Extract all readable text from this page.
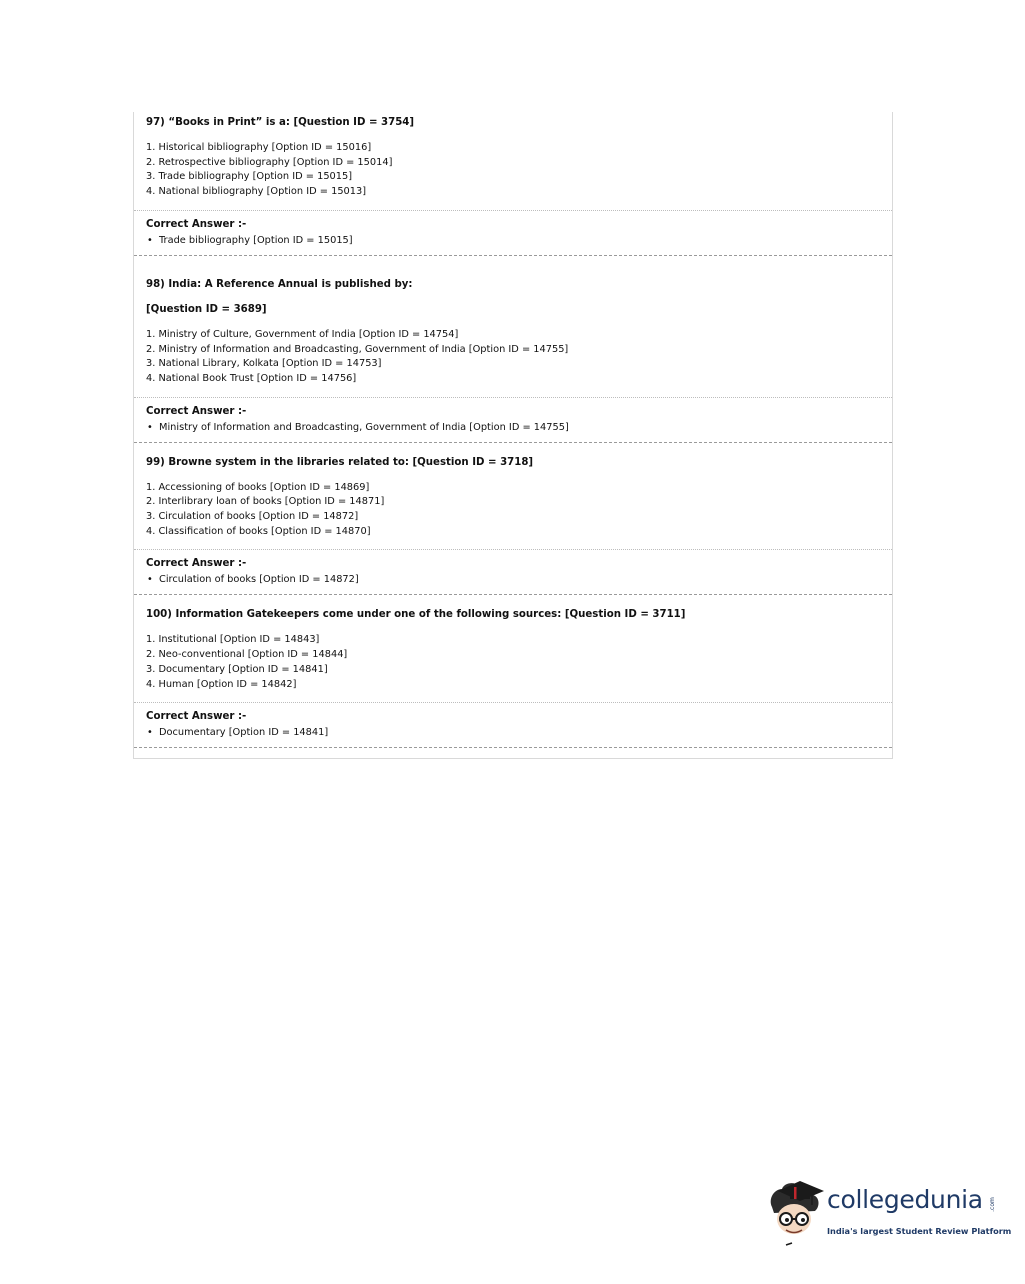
97) “Books in Print” is a: [Question ID = 3754]

1. Historical bibliography [Option ID = 15016]
2. Retrospective bibliography [Option ID = 15014]
3. Trade bibliography [Option ID = 15015]
4. National bibliography [Option ID = 15013]
Correct Answer :-
• Trade bibliography [Option ID = 15015]

98) India: A Reference Annual is published by:

[Question ID = 3689]

1. Ministry of Culture, Government of India [Option ID = 14754]
2. Ministry of Information and Broadcasting, Government of India [Option ID = 14755]
3. National Library, Kolkata [Option ID = 14753]
4. National Book Trust [Option ID = 14756]
Correct Answer :-
• Ministry of Information and Broadcasting, Government of India [Option ID = 14755]

99) Browne system in the libraries related to: [Question ID = 3718]

1. Accessioning of books [Option ID = 14869]
2. Interlibrary loan of books [Option ID = 14871]
3. Circulation of books [Option ID = 14872]
4. Classification of books [Option ID = 14870]
Correct Answer :-
• Circulation of books [Option ID = 14872]

100) Information Gatekeepers come under one of the following sources: [Question ID = 3711]

1. Institutional [Option ID = 14843]
2. Neo-conventional [Option ID = 14844]
3. Documentary [Option ID = 14841]
4. Human [Option ID = 14842]
Correct Answer :-
• Documentary [Option ID = 14841]
collegedunia .com
India's largest Student Review Platform
